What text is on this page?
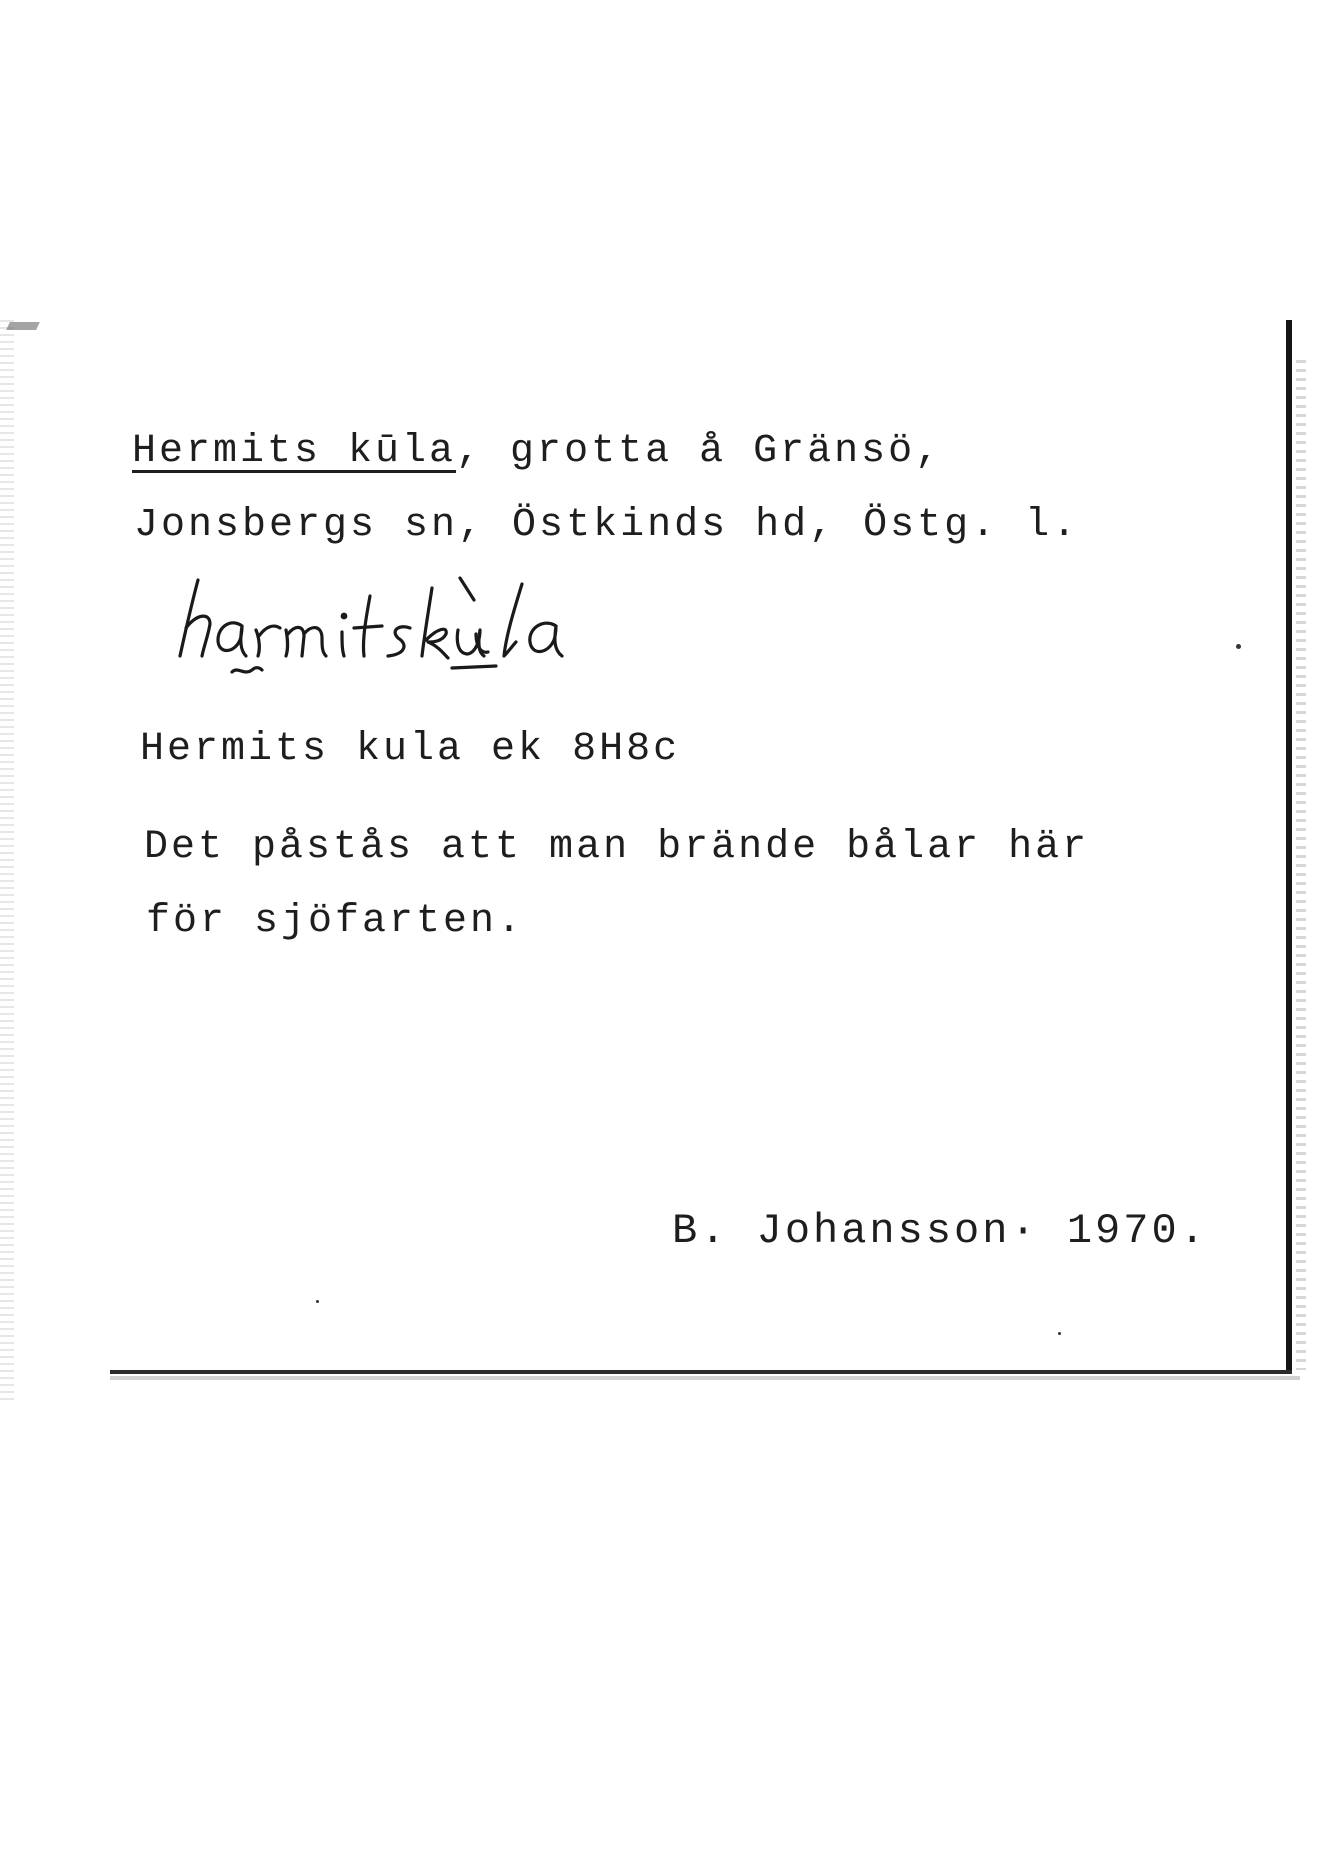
Hermits kūla, grotta å Gränsö,
Jonsbergs sn, Östkinds hd, Östg. l.
Hermits kula ek 8H8c
Det påstås att man brände bålar här
för sjöfarten.
B. Johansson· 1970.
